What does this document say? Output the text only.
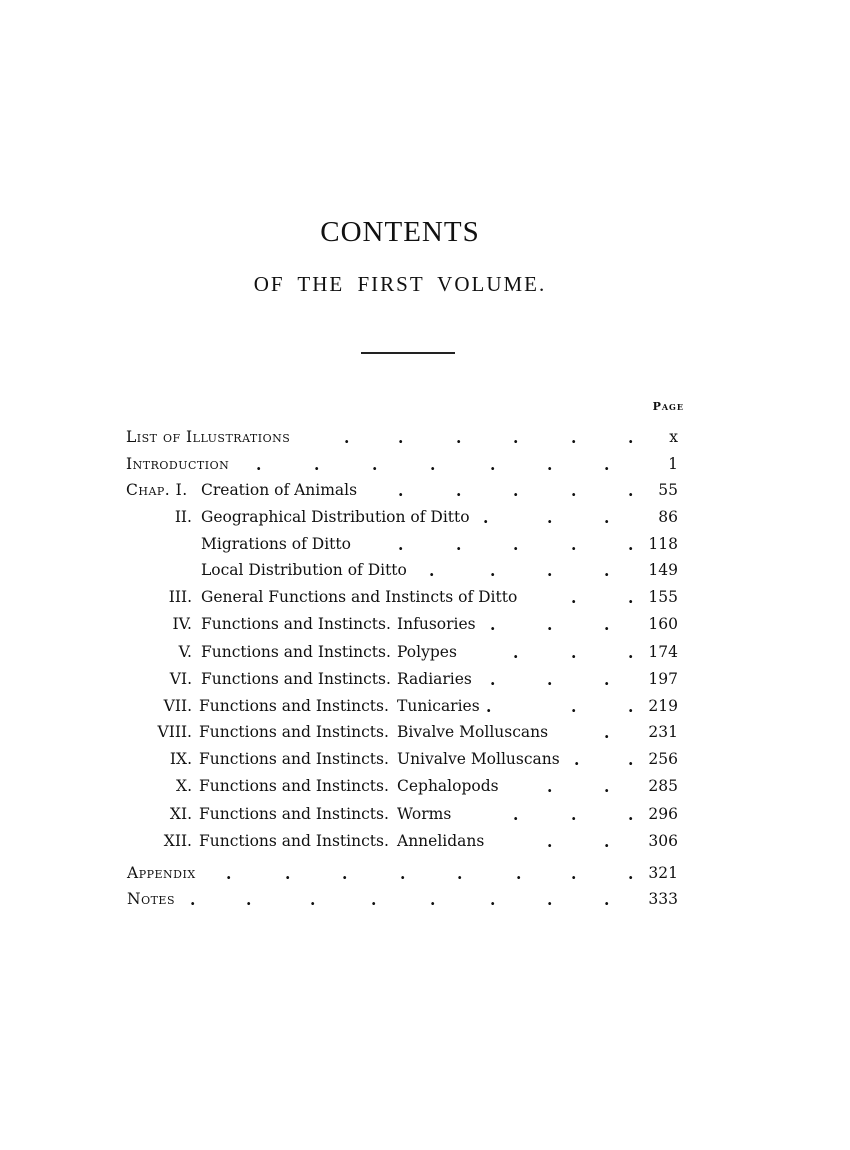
CONTENTS
OF THE FIRST VOLUME.
Page
List of Illustrations	.	.	.	.	.	.	x
Introduction .	.	.	.	.	.	.	1
Chap. I. Creation of Animals	.	.	.	.	.	55
II. Geographical Distribution of Ditto .	.	.	86
Migrations of Ditto	.	.	.	.	. 118
Local Distribution of Ditto .	.	.	.	149
III. General Functions and Instincts of Ditto	.	. 155
IV. Functions and Instincts. Infusories .	.	.	160
V. Functions and Instincts. Polypes	.	.	. 174
VI. Functions and Instincts. Radiaries .	.	.	197
VII. Functions and Instincts. Tunicaries .	.	. 219
VIII. Functions and Instincts. Bivalve Molluscans	.	231
IX. Functions and Instincts. Univalve Molluscans .	. 256
X. Functions and Instincts. Cephalopods	.	.	285
XI. Functions and Instincts. Worms	.	.	. 296
XII. Functions and Instincts. Annelidans	.	.	306
Appendix .	.	.	.	.	.	.	. 321
Notes .	.	.	.	.	.	.	.	333
